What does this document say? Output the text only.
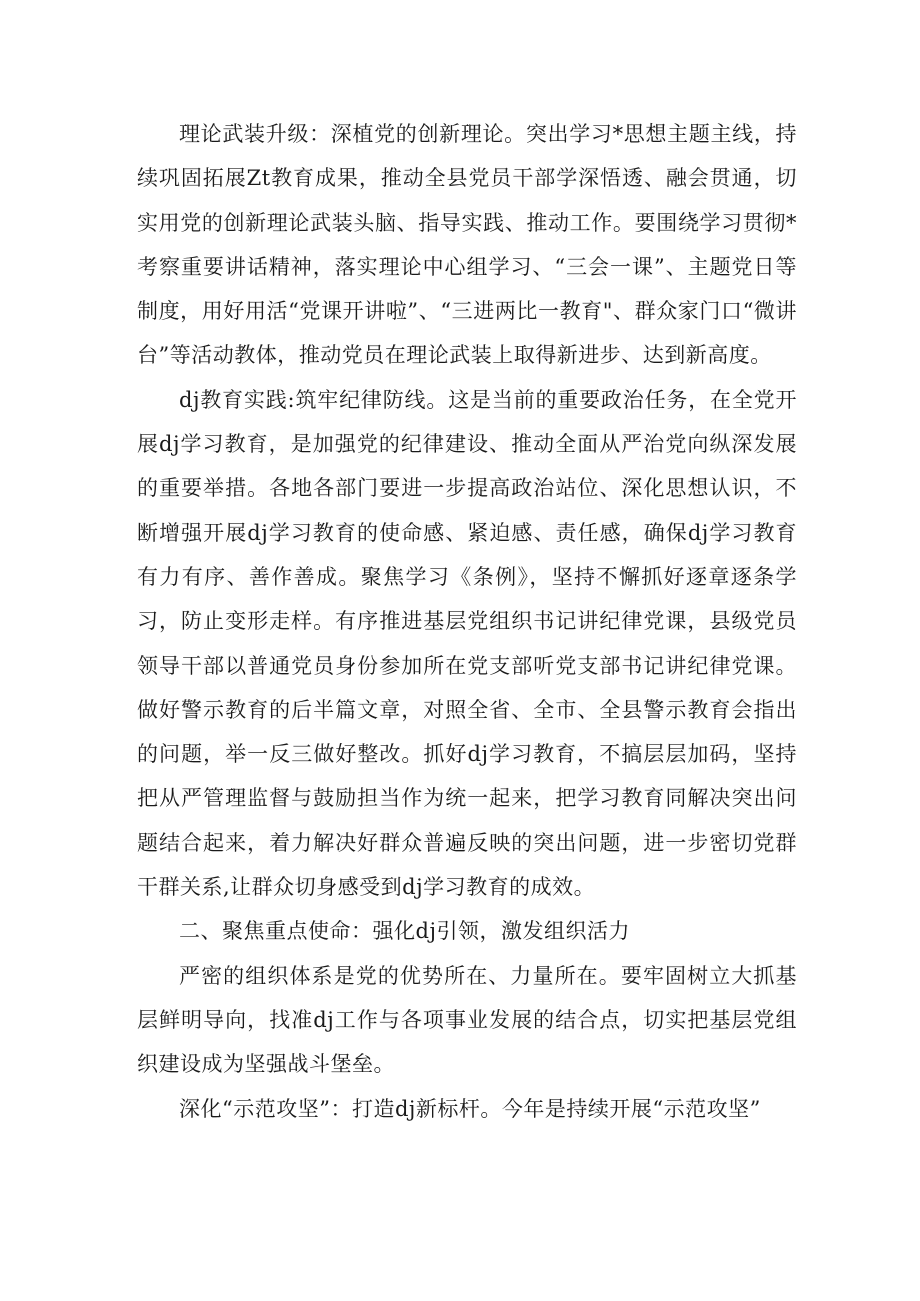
理论武装升级：深植党的创新理论。突出学习*思想主题主线，持续巩固拓展Zt教育成果，推动全县党员干部学深悟透、融会贯通，切实用党的创新理论武装头脑、指导实践、推动工作。要围绕学习贯彻*考察重要讲话精神，落实理论中心组学习、“三会一课”、主题党日等制度，用好用活“党课开讲啦”、“三进两比一教育"、群众家门口“微讲台”等活动教体，推动党员在理论武装上取得新进步、达到新高度。

dj教育实践:筑牢纪律防线。这是当前的重要政治任务，在全党开展dj学习教育，是加强党的纪律建设、推动全面从严治党向纵深发展的重要举措。各地各部门要进一步提高政治站位、深化思想认识，不断增强开展dj学习教育的使命感、紧迫感、责任感，确保dj学习教育有力有序、善作善成。聚焦学习《条例》，坚持不懈抓好逐章逐条学习，防止变形走样。有序推进基层党组织书记讲纪律党课，县级党员领导干部以普通党员身份参加所在党支部听党支部书记讲纪律党课。做好警示教育的后半篇文章，对照全省、全市、全县警示教育会指出的问题，举一反三做好整改。抓好dj学习教育，不搞层层加码，坚持把从严管理监督与鼓励担当作为统一起来，把学习教育同解决突出问题结合起来，着力解决好群众普遍反映的突出问题，进一步密切党群干群关系,让群众切身感受到dj学习教育的成效。

二、聚焦重点使命：强化dj引领，激发组织活力

严密的组织体系是党的优势所在、力量所在。要牢固树立大抓基层鲜明导向，找准dj工作与各项事业发展的结合点，切实把基层党组织建设成为坚强战斗堡垒。

深化“示范攻坚”：打造dj新标杆。今年是持续开展“示范攻坚”
